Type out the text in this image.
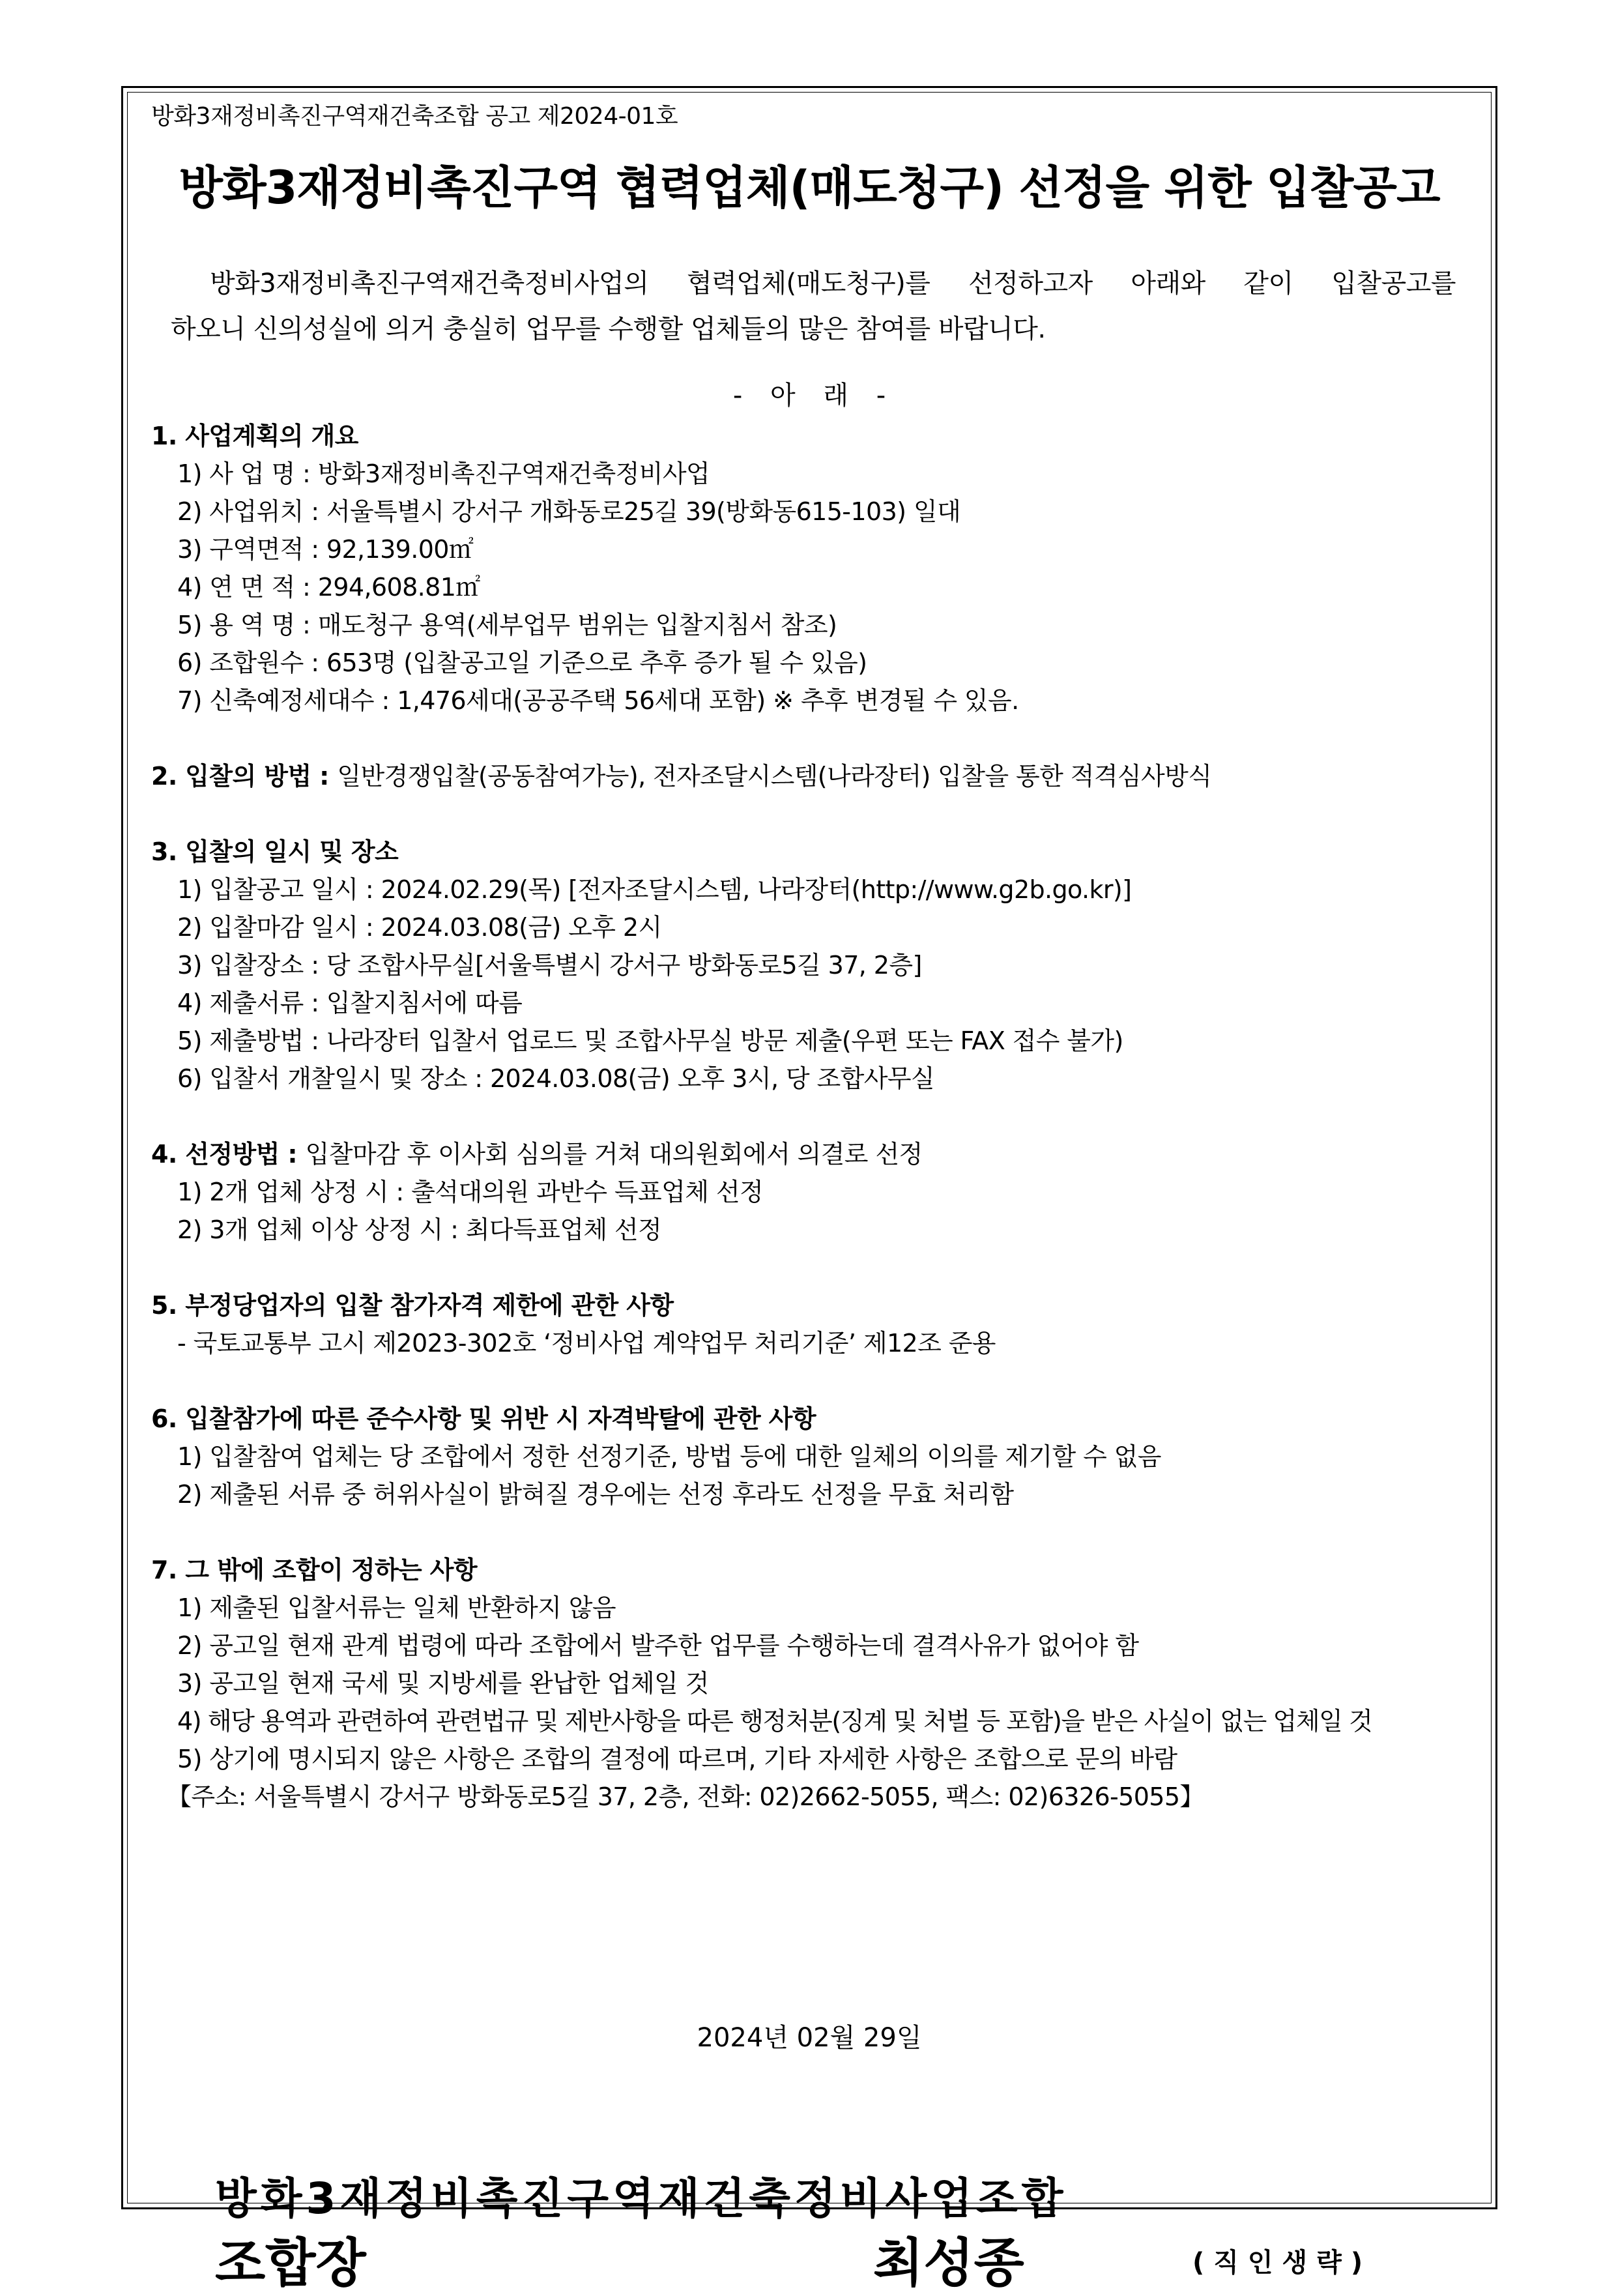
방화3재정비촉진구역재건축조합 공고 제2024-01호
방화3재정비촉진구역 협력업체(매도청구) 선정을 위한 입찰공고
방화3재정비촉진구역재건축정비사업의 협력업체(매도청구)를 선정하고자 아래와 같이 입찰공고를
하오니 신의성실에 의거 충실히 업무를 수행할 업체들의 많은 참여를 바랍니다.
- 아 래 -
1. 사업계획의 개요
1) 사 업 명 : 방화3재정비촉진구역재건축정비사업
2) 사업위치 : 서울특별시 강서구 개화동로25길 39(방화동615-103) 일대
3) 구역면적 : 92,139.00㎡
4) 연 면 적 : 294,608.81㎡
5) 용 역 명 : 매도청구 용역(세부업무 범위는 입찰지침서 참조)
6) 조합원수 : 653명 (입찰공고일 기준으로 추후 증가 될 수 있음)
7) 신축예정세대수 : 1,476세대(공공주택 56세대 포함) ※ 추후 변경될 수 있음.
2. 입찰의 방법 : 일반경쟁입찰(공동참여가능), 전자조달시스템(나라장터) 입찰을 통한 적격심사방식
3. 입찰의 일시 및 장소
1) 입찰공고 일시 : 2024.02.29(목) [전자조달시스템, 나라장터(http://www.g2b.go.kr)]
2) 입찰마감 일시 : 2024.03.08(금) 오후 2시
3) 입찰장소 : 당 조합사무실[서울특별시 강서구 방화동로5길 37, 2층]
4) 제출서류 : 입찰지침서에 따름
5) 제출방법 : 나라장터 입찰서 업로드 및 조합사무실 방문 제출(우편 또는 FAX 접수 불가)
6) 입찰서 개찰일시 및 장소 : 2024.03.08(금) 오후 3시, 당 조합사무실
4. 선정방법 : 입찰마감 후 이사회 심의를 거쳐 대의원회에서 의결로 선정
1) 2개 업체 상정 시 : 출석대의원 과반수 득표업체 선정
2) 3개 업체 이상 상정 시 : 최다득표업체 선정
5. 부정당업자의 입찰 참가자격 제한에 관한 사항
- 국토교통부 고시 제2023-302호 ‘정비사업 계약업무 처리기준’ 제12조 준용
6. 입찰참가에 따른 준수사항 및 위반 시 자격박탈에 관한 사항
1) 입찰참여 업체는 당 조합에서 정한 선정기준, 방법 등에 대한 일체의 이의를 제기할 수 없음
2) 제출된 서류 중 허위사실이 밝혀질 경우에는 선정 후라도 선정을 무효 처리함
7. 그 밖에 조합이 정하는 사항
1) 제출된 입찰서류는 일체 반환하지 않음
2) 공고일 현재 관계 법령에 따라 조합에서 발주한 업무를 수행하는데 결격사유가 없어야 함
3) 공고일 현재 국세 및 지방세를 완납한 업체일 것
4) 해당 용역과 관련하여 관련법규 및 제반사항을 따른 행정처분(징계 및 처벌 등 포함)을 받은 사실이 없는 업체일 것
5) 상기에 명시되지 않은 사항은 조합의 결정에 따르며, 기타 자세한 사항은 조합으로 문의 바람
【주소: 서울특별시 강서구 방화동로5길 37, 2층, 전화: 02)2662-5055, 팩스: 02)6326-5055】
2024년 02월 29일
방화3재정비촉진구역재건축정비사업조합
조합장	최성종	(직인생략)
